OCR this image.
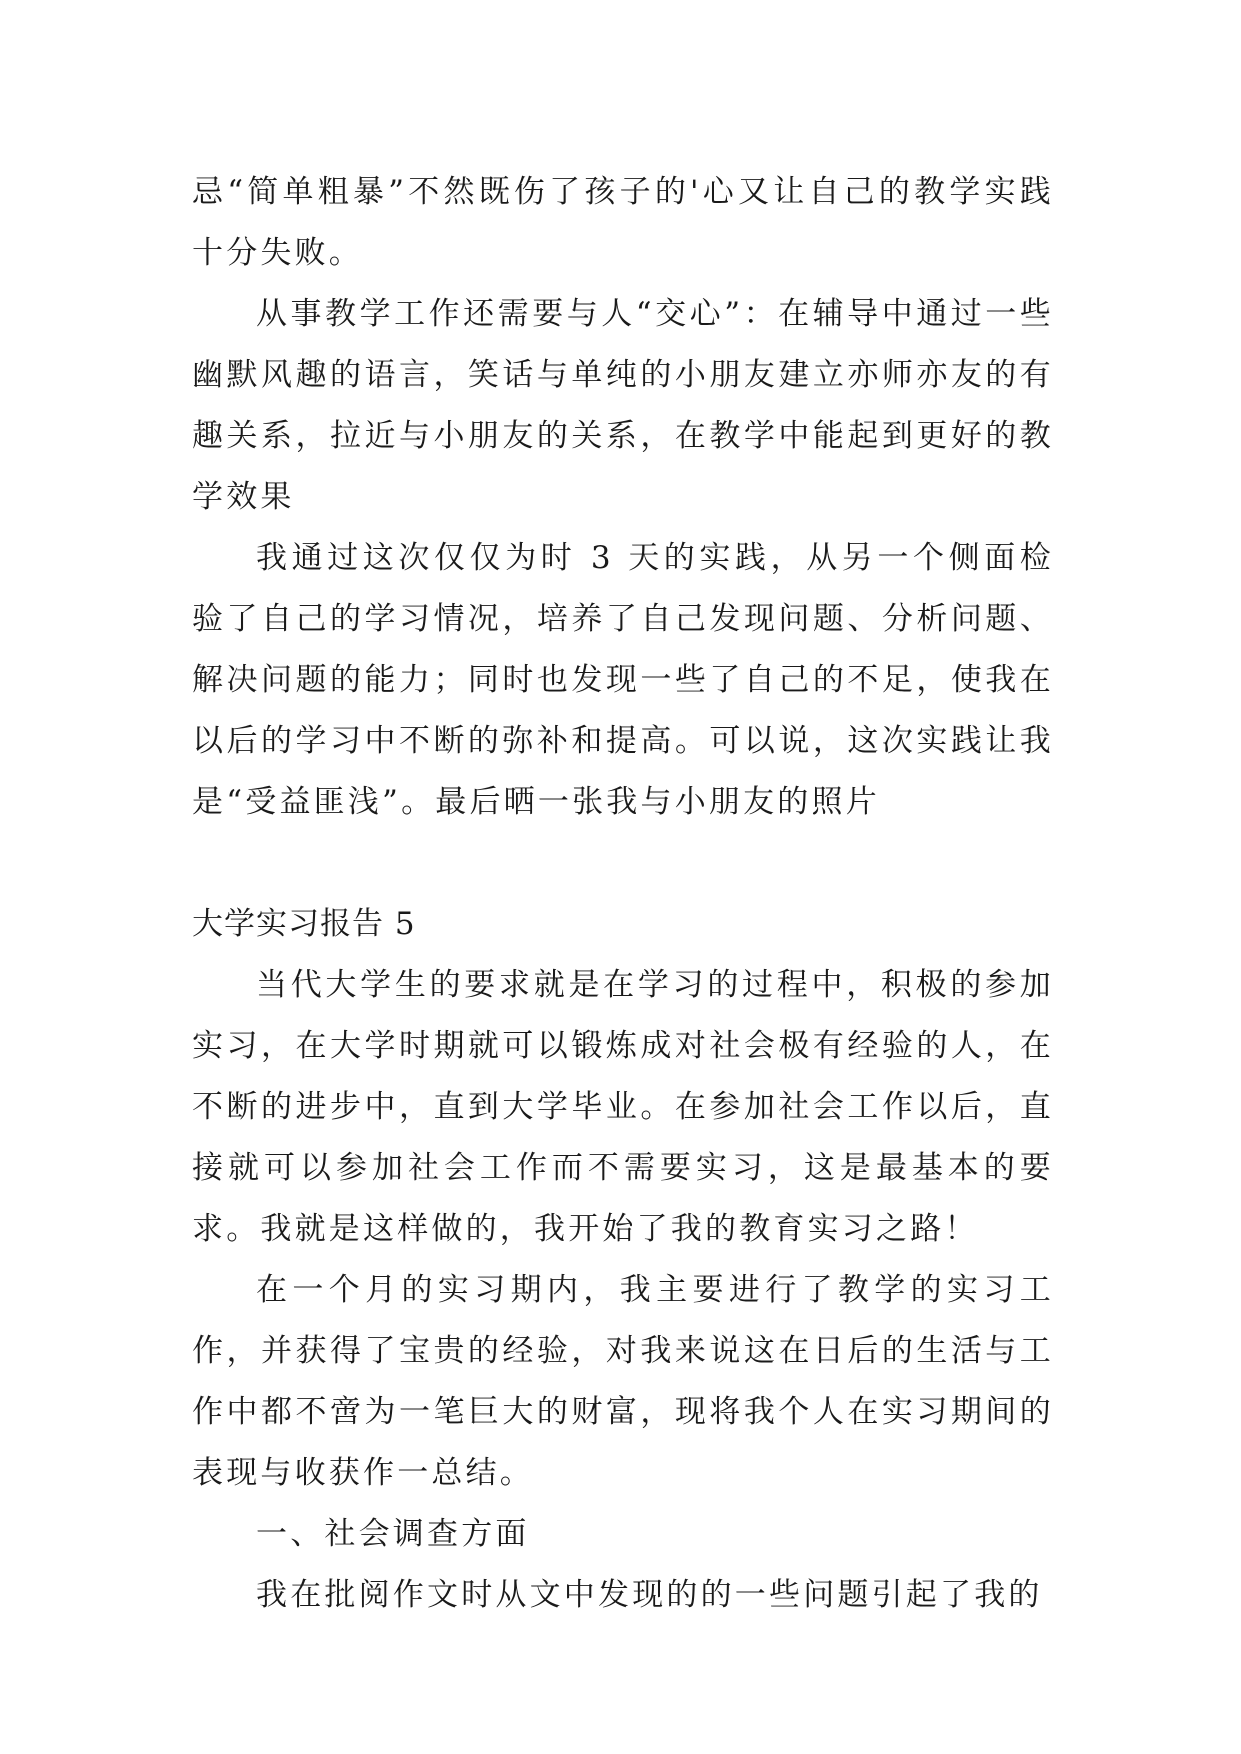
忌“简单粗暴”不然既伤了孩子的'心又让自己的教学实践十分失败。

从事教学工作还需要与人“交心”：在辅导中通过一些幽默风趣的语言，笑话与单纯的小朋友建立亦师亦友的有趣关系，拉近与小朋友的关系，在教学中能起到更好的教学效果

我通过这次仅仅为时 3 天的实践，从另一个侧面检验了自己的学习情况，培养了自己发现问题、分析问题、解决问题的能力；同时也发现一些了自己的不足，使我在以后的学习中不断的弥补和提高。可以说，这次实践让我是“受益匪浅”。最后晒一张我与小朋友的照片

大学实习报告 5

当代大学生的要求就是在学习的过程中，积极的参加实习，在大学时期就可以锻炼成对社会极有经验的人，在不断的进步中，直到大学毕业。在参加社会工作以后，直接就可以参加社会工作而不需要实习，这是最基本的要求。我就是这样做的，我开始了我的教育实习之路！

在一个月的实习期内，我主要进行了教学的实习工作，并获得了宝贵的经验，对我来说这在日后的生活与工作中都不啻为一笔巨大的财富，现将我个人在实习期间的表现与收获作一总结。

一、社会调查方面

我在批阅作文时从文中发现的的一些问题引起了我的
